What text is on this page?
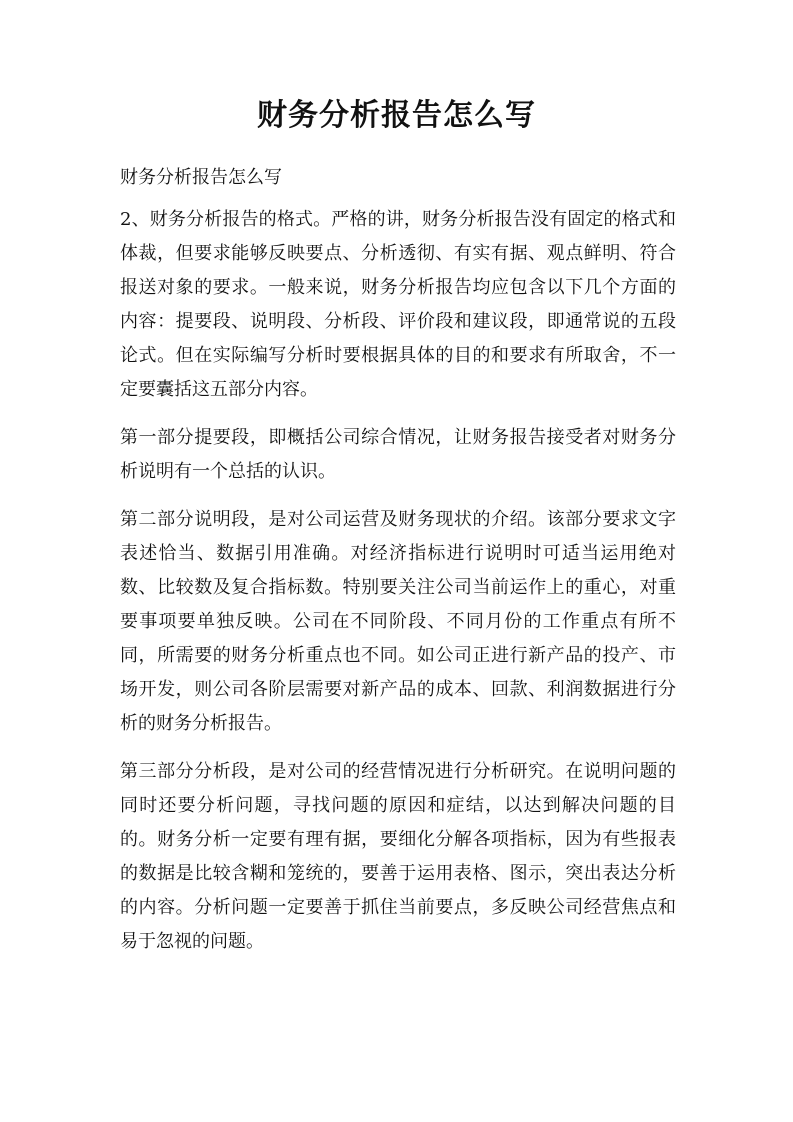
财务分析报告怎么写

财务分析报告怎么写

2、财务分析报告的格式。严格的讲，财务分析报告没有固定的格式和体裁，但要求能够反映要点、分析透彻、有实有据、观点鲜明、符合报送对象的要求。一般来说，财务分析报告均应包含以下几个方面的内容：提要段、说明段、分析段、评价段和建议段，即通常说的五段论式。但在实际编写分析时要根据具体的目的和要求有所取舍，不一定要囊括这五部分内容。

第一部分提要段，即概括公司综合情况，让财务报告接受者对财务分析说明有一个总括的认识。

第二部分说明段，是对公司运营及财务现状的介绍。该部分要求文字表述恰当、数据引用准确。对经济指标进行说明时可适当运用绝对数、比较数及复合指标数。特别要关注公司当前运作上的重心，对重要事项要单独反映。公司在不同阶段、不同月份的工作重点有所不同，所需要的财务分析重点也不同。如公司正进行新产品的投产、市场开发，则公司各阶层需要对新产品的成本、回款、利润数据进行分析的财务分析报告。

第三部分分析段，是对公司的经营情况进行分析研究。在说明问题的同时还要分析问题，寻找问题的原因和症结，以达到解决问题的目的。财务分析一定要有理有据，要细化分解各项指标，因为有些报表的数据是比较含糊和笼统的，要善于运用表格、图示，突出表达分析的内容。分析问题一定要善于抓住当前要点，多反映公司经营焦点和易于忽视的问题。
